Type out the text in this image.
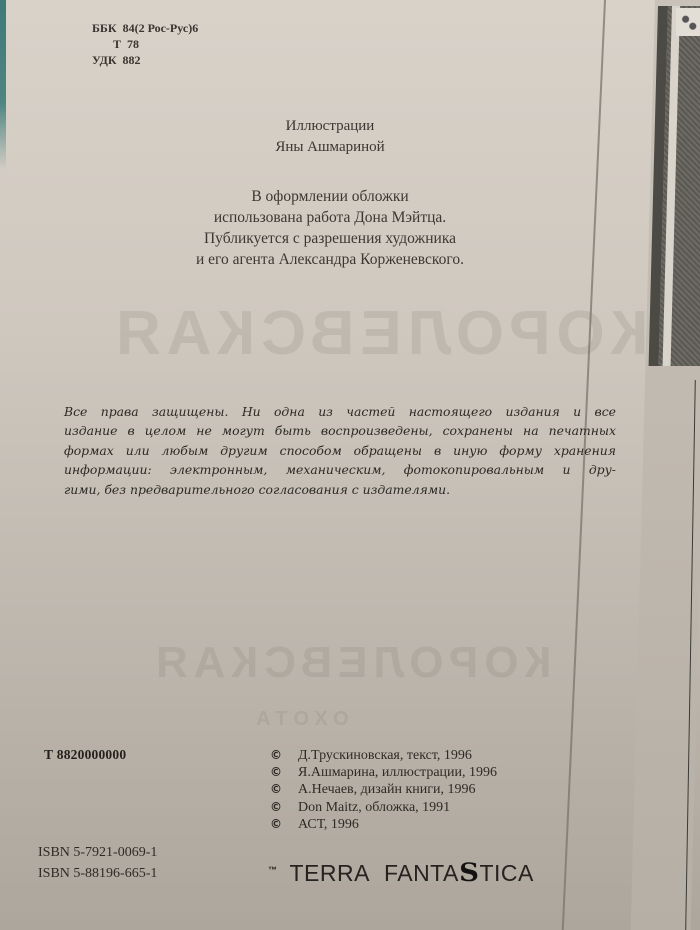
КОРОЛЕВСКАЯ
КОРОЛЕВСКАЯ
ОХОТА
ББК  84(2 Рос-Рус)6
Т  78
УДК  882
Иллюстрации
Яны Ашмариной
В оформлении обложки
использована работа Дона Мэйтца.
Публикуется с разрешения художника
и его агента Александра Корженевского.
Все права защищены. Ни одна из частей настоящего издания и все
издание в целом не могут быть воспроизведены, сохранены на печатных
формах или любым другим способом обращены в иную форму хранения
информации: электронным, механическим, фотокопировальным и дру-
гими, без предварительного согласования с издателями.
Т 8820000000	©	Д.Трускиновская, текст, 1996
©	Я.Ашмарина, иллюстрации, 1996
©	А.Нечаев, дизайн книги, 1996
©	Don Maitz, обложка, 1991
©	АСТ, 1996
ISBN 5-7921-0069-1
ISBN 5-88196-665-1	™ TERRA FANTA S TICA
